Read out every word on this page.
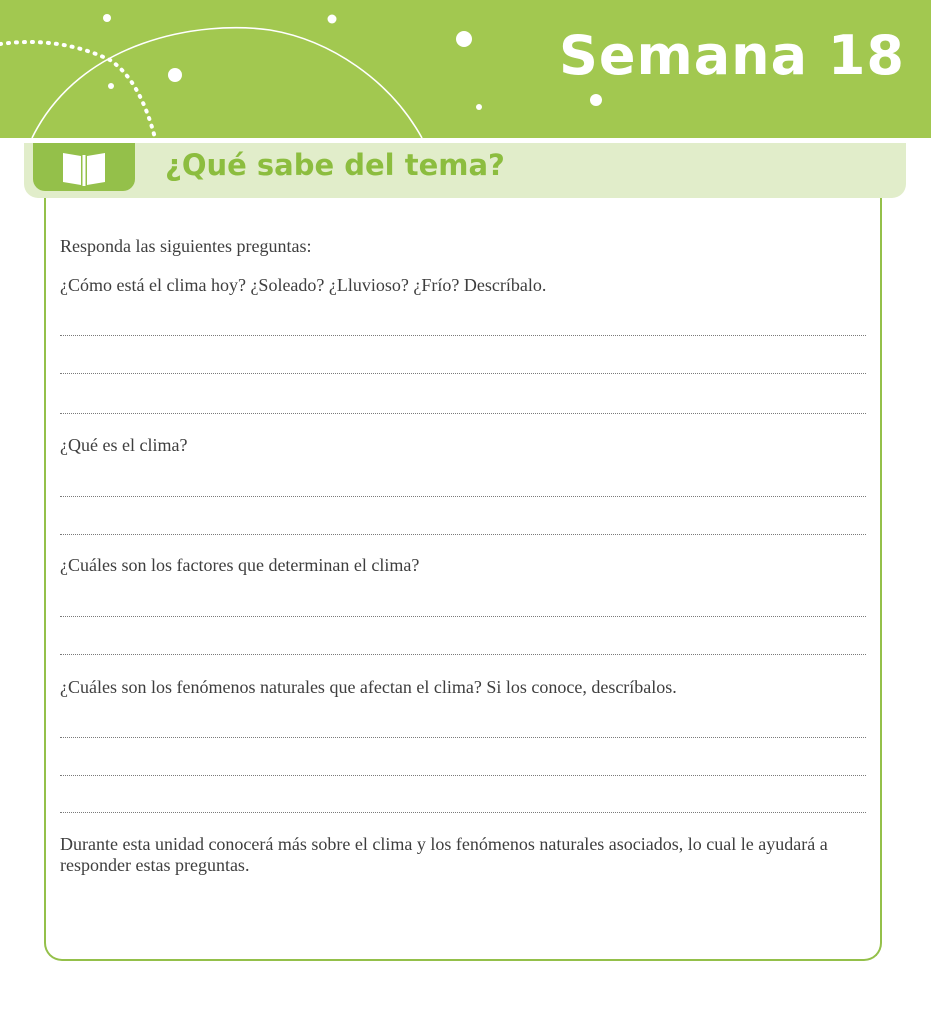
Semana 18
¿Qué sabe del tema?
Responda las siguientes preguntas:
¿Cómo está el clima hoy? ¿Soleado? ¿Lluvioso? ¿Frío? Descríbalo.
¿Qué es el clima?
¿Cuáles son los factores que determinan el clima?
¿Cuáles son los fenómenos naturales que afectan el clima? Si los conoce, descríbalos.
Durante esta unidad conocerá más sobre el clima y los fenómenos naturales asociados, lo cual le ayudará a responder estas preguntas.
